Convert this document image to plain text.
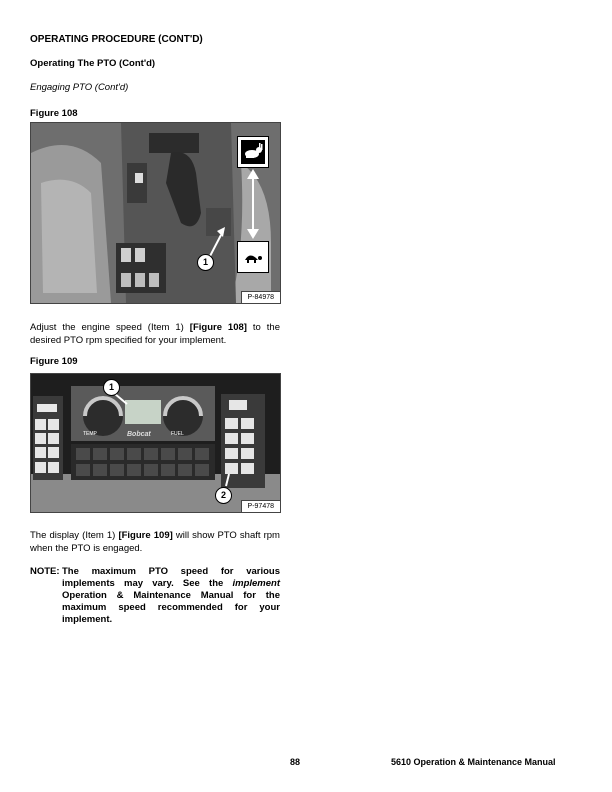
OPERATING PROCEDURE (CONT'D)
Operating The PTO (Cont'd)
Engaging PTO (Cont'd)
Figure 108
1
P-84978
Adjust the engine speed (Item 1) [Figure 108] to the desired PTO rpm specified for your implement.
Figure 109
TEMP	FUEL
Bobcat
1
2
P-97478
The display (Item 1) [Figure 109] will show PTO shaft rpm when the PTO is engaged.
NOTE: The maximum PTO speed for various implements may vary. See the implement Operation & Maintenance Manual for the maximum speed recommended for your implement.
88	5610 Operation & Maintenance Manual
